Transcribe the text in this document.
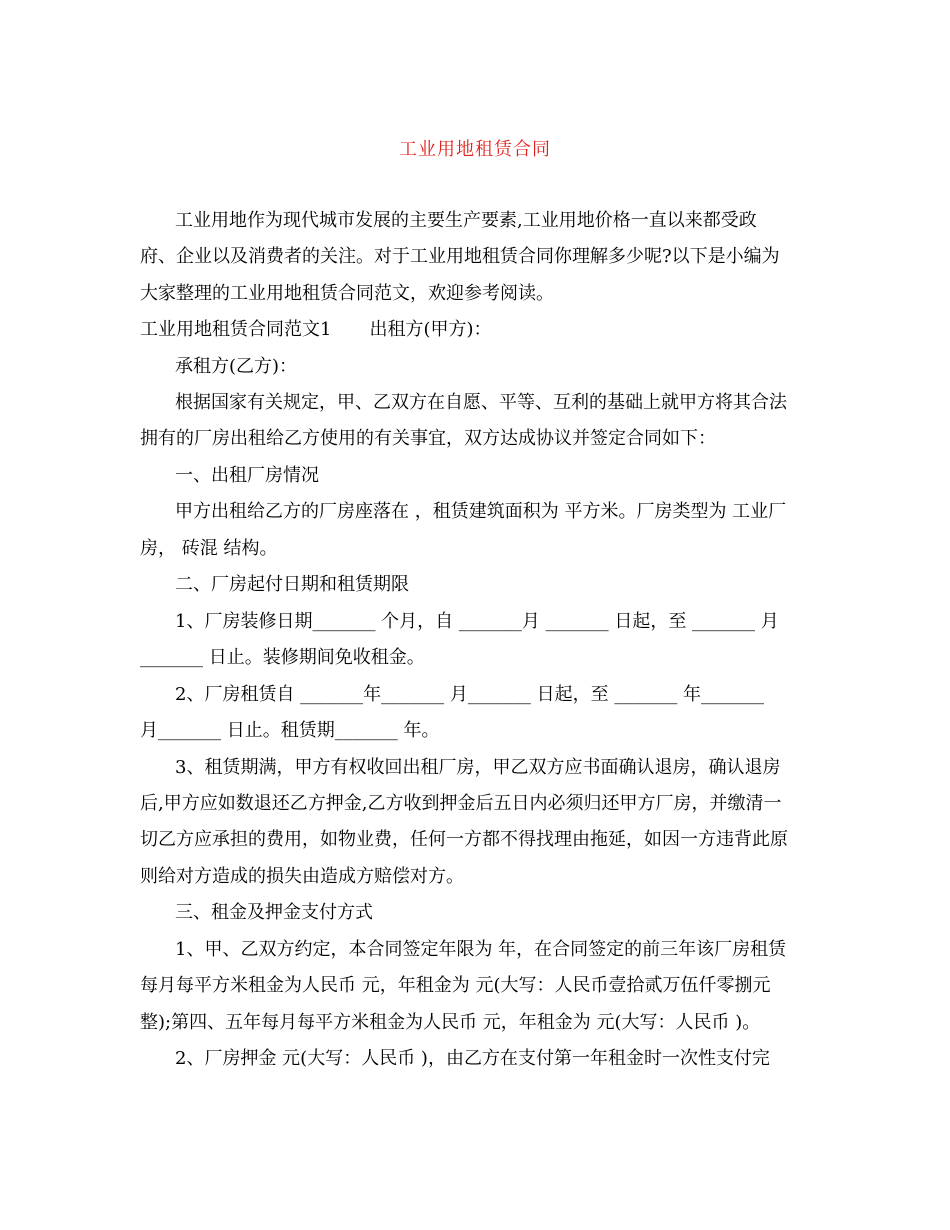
工业用地租赁合同
工业用地作为现代城市发展的主要生产要素,工业用地价格一直以来都受政
府、企业以及消费者的关注。对于工业用地租赁合同你理解多少呢?以下是小编为
大家整理的工业用地租赁合同范文，欢迎参考阅读。
工业用地租赁合同范文1 出租方(甲方)：
承租方(乙方)：
根据国家有关规定，甲、乙双方在自愿、平等、互利的基础上就甲方将其合法
拥有的厂房出租给乙方使用的有关事宜，双方达成协议并签定合同如下：
一、出租厂房情况
甲方出租给乙方的厂房座落在 ，租赁建筑面积为 平方米。厂房类型为 工业厂
房， 砖混 结构。
二、厂房起付日期和租赁期限
1、厂房装修日期_______ 个月，自 _______月 _______ 日起，至 _______ 月
_______ 日止。装修期间免收租金。
2、厂房租赁自 _______年_______ 月_______ 日起，至 _______ 年_______
月_______ 日止。租赁期_______ 年。
3、租赁期满，甲方有权收回出租厂房，甲乙双方应书面确认退房，确认退房
后,甲方应如数退还乙方押金,乙方收到押金后五日内必须归还甲方厂房，并缴清一
切乙方应承担的费用，如物业费，任何一方都不得找理由拖延，如因一方违背此原
则给对方造成的损失由造成方赔偿对方。
三、租金及押金支付方式
1、甲、乙双方约定，本合同签定年限为 年，在合同签定的前三年该厂房租赁
每月每平方米租金为人民币 元，年租金为 元(大写：人民币壹拾贰万伍仟零捌元
整);第四、五年每月每平方米租金为人民币 元，年租金为 元(大写：人民币 )。
2、厂房押金 元(大写：人民币 )，由乙方在支付第一年租金时一次性支付完
